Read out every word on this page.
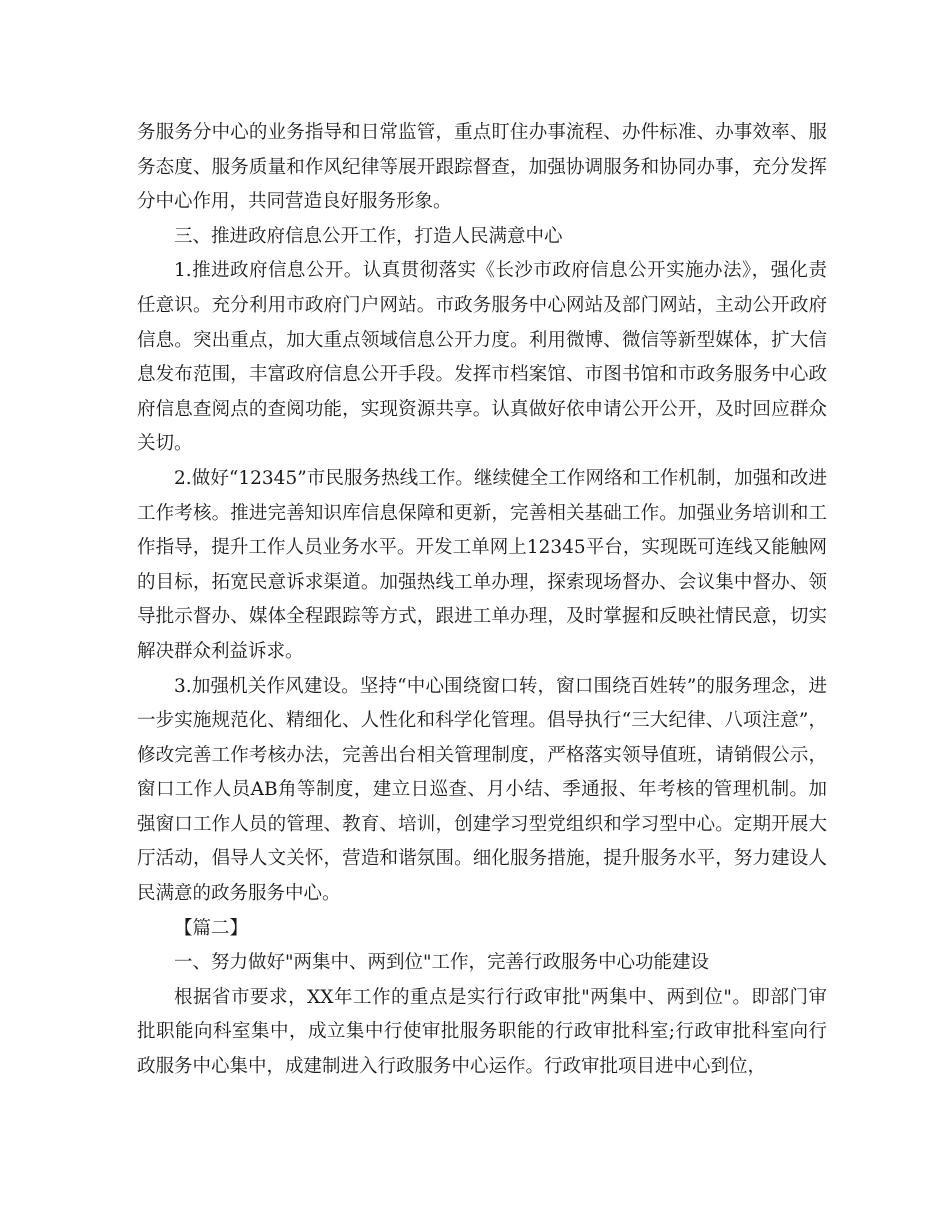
务服务分中心的业务指导和日常监管，重点盯住办事流程、办件标准、办事效率、服务态度、服务质量和作风纪律等展开跟踪督查，加强协调服务和协同办事，充分发挥分中心作用，共同营造良好服务形象。

三、推进政府信息公开工作，打造人民满意中心

1.推进政府信息公开。认真贯彻落实《长沙市政府信息公开实施办法》，强化责任意识。充分利用市政府门户网站。市政务服务中心网站及部门网站，主动公开政府信息。突出重点，加大重点领域信息公开力度。利用微博、微信等新型媒体，扩大信息发布范围，丰富政府信息公开手段。发挥市档案馆、市图书馆和市政务服务中心政府信息查阅点的查阅功能，实现资源共享。认真做好依申请公开公开，及时回应群众关切。

2.做好“12345”市民服务热线工作。继续健全工作网络和工作机制，加强和改进工作考核。推进完善知识库信息保障和更新，完善相关基础工作。加强业务培训和工作指导，提升工作人员业务水平。开发工单网上12345平台，实现既可连线又能触网的目标，拓宽民意诉求渠道。加强热线工单办理，探索现场督办、会议集中督办、领导批示督办、媒体全程跟踪等方式，跟进工单办理，及时掌握和反映社情民意，切实解决群众利益诉求。

3.加强机关作风建设。坚持“中心围绕窗口转，窗口围绕百姓转”的服务理念，进一步实施规范化、精细化、人性化和科学化管理。倡导执行“三大纪律、八项注意”，修改完善工作考核办法，完善出台相关管理制度，严格落实领导值班，请销假公示，窗口工作人员AB角等制度，建立日巡查、月小结、季通报、年考核的管理机制。加强窗口工作人员的管理、教育、培训，创建学习型党组织和学习型中心。定期开展大厅活动，倡导人文关怀，营造和谐氛围。细化服务措施，提升服务水平，努力建设人民满意的政务服务中心。

【篇二】

一、努力做好"两集中、两到位"工作，完善行政服务中心功能建设

根据省市要求，XX年工作的重点是实行行政审批"两集中、两到位"。即部门审批职能向科室集中，成立集中行使审批服务职能的行政审批科室;行政审批科室向行政服务中心集中，成建制进入行政服务中心运作。行政审批项目进中心到位，
